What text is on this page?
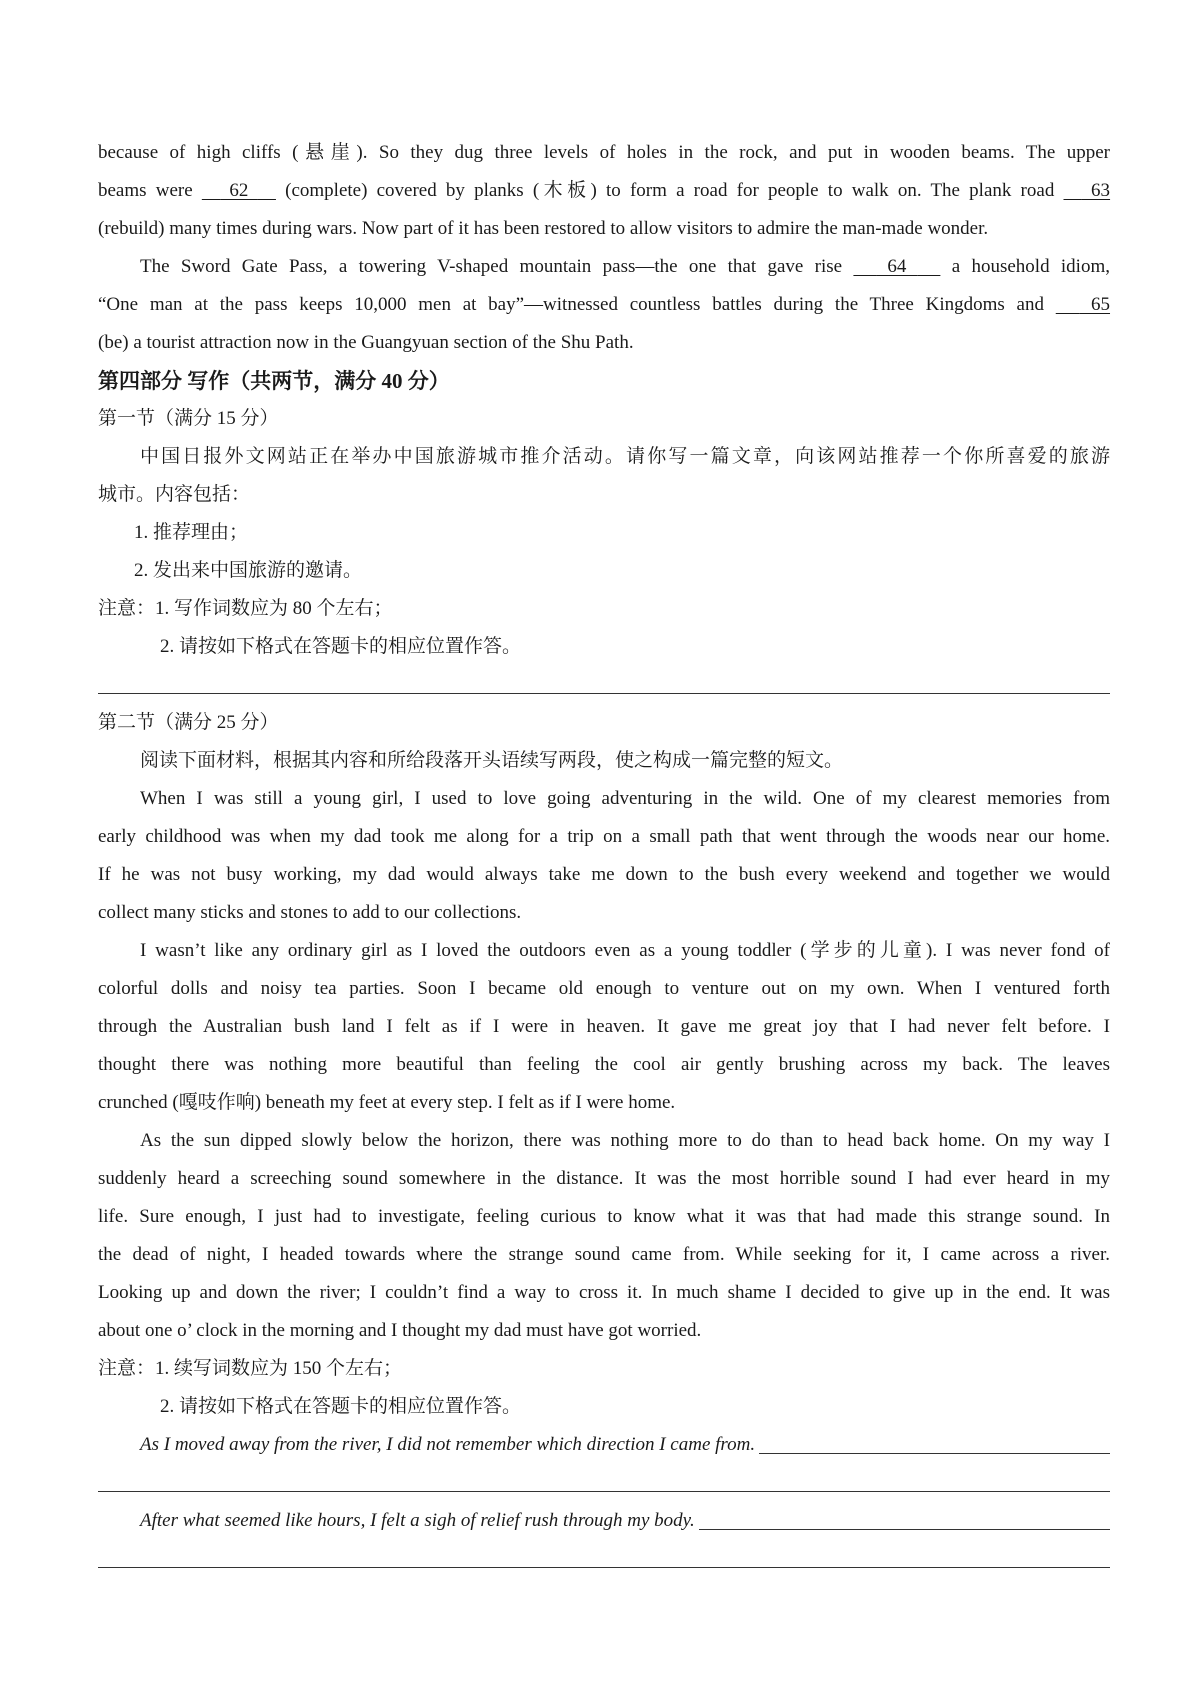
because of high cliffs (悬崖). So they dug three levels of holes in the rock, and put in wooden beams. The upper
beams were    62    (complete) covered by planks (木板) to form a road for people to walk on. The plank road    63
(rebuild) many times during wars. Now part of it has been restored to allow visitors to admire the man-made wonder.
The Sword Gate Pass, a towering V-shaped mountain pass—the one that gave rise    64    a household idiom,
“One man at the pass keeps 10,000 men at bay”—witnessed countless battles during the Three Kingdoms and    65
(be) a tourist attraction now in the Guangyuan section of the Shu Path.
第四部分 写作（共两节，满分 40 分）
第一节（满分 15 分）
中国日报外文网站正在举办中国旅游城市推介活动。请你写一篇文章，向该网站推荐一个你所喜爱的旅游
城市。内容包括：
1. 推荐理由；
2. 发出来中国旅游的邀请。
注意：1. 写作词数应为 80 个左右；
2. 请按如下格式在答题卡的相应位置作答。
第二节（满分 25 分）
阅读下面材料，根据其内容和所给段落开头语续写两段，使之构成一篇完整的短文。
When I was still a young girl, I used to love going adventuring in the wild. One of my clearest memories from
early childhood was when my dad took me along for a trip on a small path that went through the woods near our home.
If he was not busy working, my dad would always take me down to the bush every weekend and together we would
collect many sticks and stones to add to our collections.
I wasn’t like any ordinary girl as I loved the outdoors even as a young toddler (学步的儿童). I was never fond of
colorful dolls and noisy tea parties. Soon I became old enough to venture out on my own. When I ventured forth
through the Australian bush land I felt as if I were in heaven. It gave me great joy that I had never felt before. I
thought there was nothing more beautiful than feeling the cool air gently brushing across my back. The leaves
crunched (嘎吱作响) beneath my feet at every step. I felt as if I were home.
As the sun dipped slowly below the horizon, there was nothing more to do than to head back home. On my way I
suddenly heard a screeching sound somewhere in the distance. It was the most horrible sound I had ever heard in my
life. Sure enough, I just had to investigate, feeling curious to know what it was that had made this strange sound. In
the dead of night, I headed towards where the strange sound came from. While seeking for it, I came across a river.
Looking up and down the river; I couldn’t find a way to cross it. In much shame I decided to give up in the end. It was
about one o’ clock in the morning and I thought my dad must have got worried.
注意：1. 续写词数应为 150 个左右；
2. 请按如下格式在答题卡的相应位置作答。
As I moved away from the river, I did not remember which direction I came from.
After what seemed like hours, I felt a sigh of relief rush through my body.
